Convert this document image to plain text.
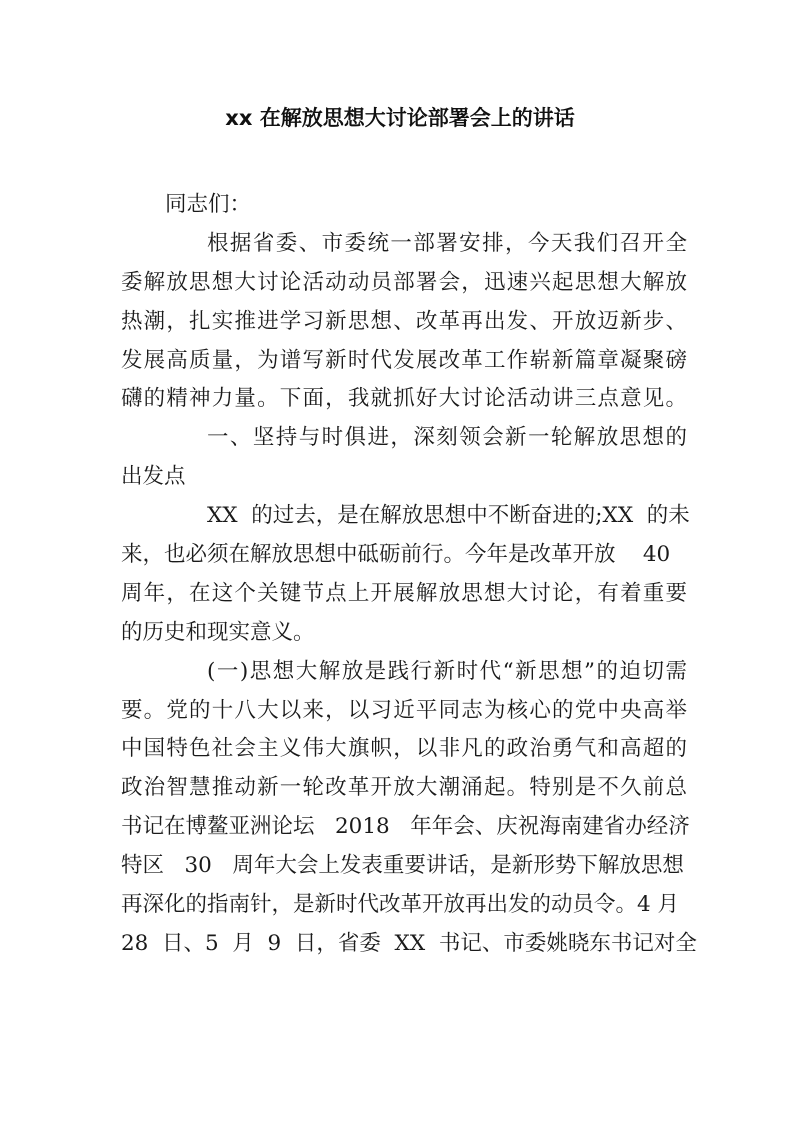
xx 在解放思想大讨论部署会上的讲话
同志们：
根据省委、市委统一部署安排，今天我们召开全
委解放思想大讨论活动动员部署会，迅速兴起思想大解放
热潮，扎实推进学习新思想、改革再出发、开放迈新步、
发展高质量，为谱写新时代发展改革工作崭新篇章凝聚磅
礴的精神力量。下面，我就抓好大讨论活动讲三点意见。
一、坚持与时俱进，深刻领会新一轮解放思想的
出发点
XX  的过去，是在解放思想中不断奋进的;XX  的未
来，也必须在解放思想中砥砺前行。今年是改革开放    40
周年，在这个关键节点上开展解放思想大讨论，有着重要
的历史和现实意义。
(一)思想大解放是践行新时代“新思想”的迫切需
要。党的十八大以来，以习近平同志为核心的党中央高举
中国特色社会主义伟大旗帜，以非凡的政治勇气和高超的
政治智慧推动新一轮改革开放大潮涌起。特别是不久前总
书记在博鳌亚洲论坛   2018   年年会、庆祝海南建省办经济
特区   30   周年大会上发表重要讲话，是新形势下解放思想
再深化的指南针，是新时代改革开放再出发的动员令。4 月
28  日、5  月  9  日，省委  XX  书记、市委姚晓东书记对全
